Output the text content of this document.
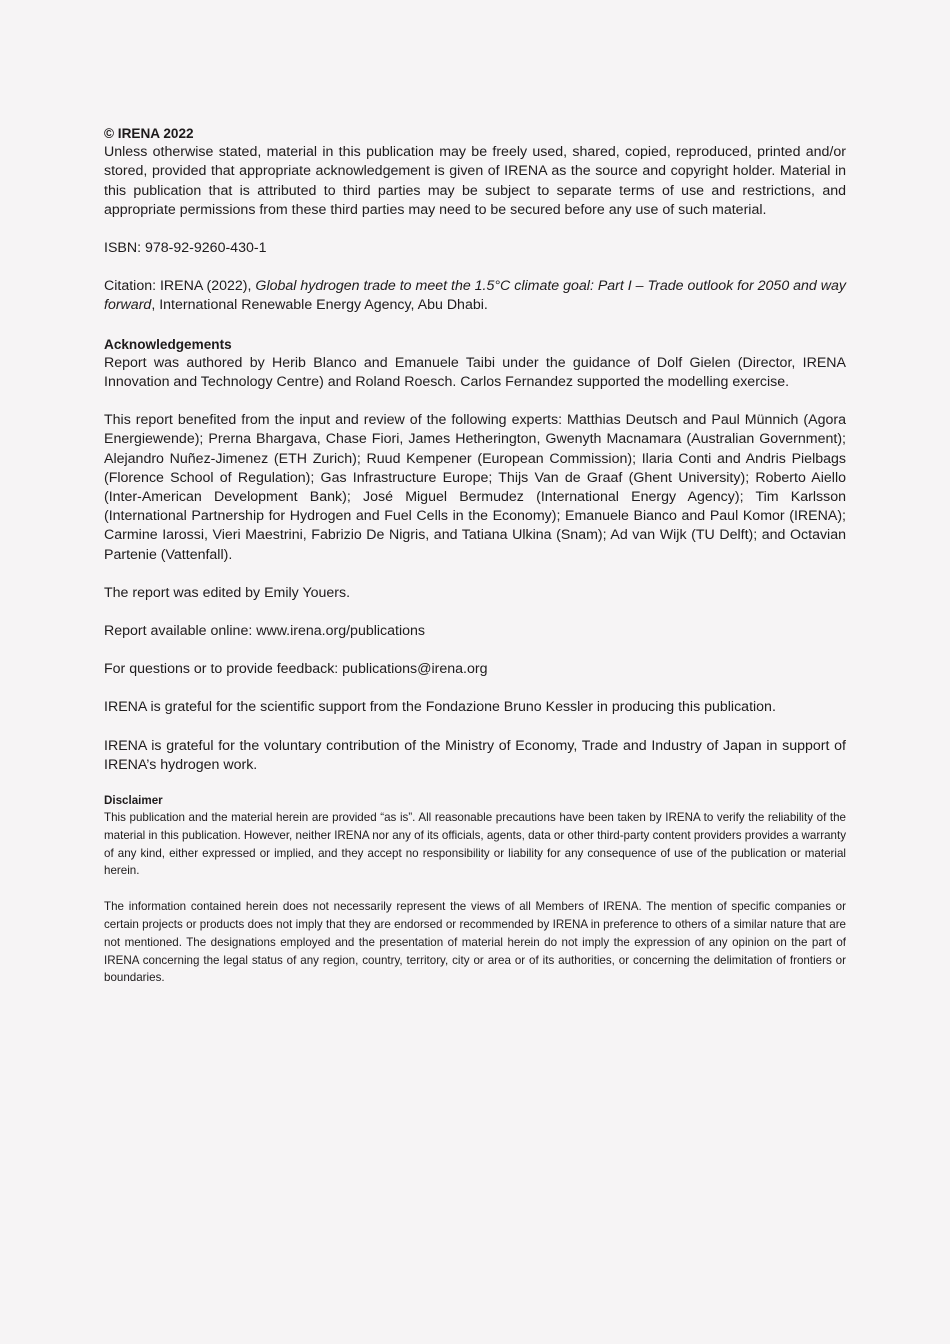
© IRENA 2022

Unless otherwise stated, material in this publication may be freely used, shared, copied, reproduced, printed and/or stored, provided that appropriate acknowledgement is given of IRENA as the source and copyright holder. Material in this publication that is attributed to third parties may be subject to separate terms of use and restrictions, and appropriate permissions from these third parties may need to be secured before any use of such material.

ISBN: 978-92-9260-430-1

Citation: IRENA (2022), Global hydrogen trade to meet the 1.5°C climate goal: Part I – Trade outlook for 2050 and way forward, International Renewable Energy Agency, Abu Dhabi.

Acknowledgements

Report was authored by Herib Blanco and Emanuele Taibi under the guidance of Dolf Gielen (Director, IRENA Innovation and Technology Centre) and Roland Roesch. Carlos Fernandez supported the modelling exercise.

This report benefited from the input and review of the following experts: Matthias Deutsch and Paul Münnich (Agora Energiewende); Prerna Bhargava, Chase Fiori, James Hetherington, Gwenyth Macnamara (Australian Government); Alejandro Nuñez-Jimenez (ETH Zurich); Ruud Kempener (European Commission); Ilaria Conti and Andris Pielbags (Florence School of Regulation); Gas Infrastructure Europe; Thijs Van de Graaf (Ghent University); Roberto Aiello (Inter-American Development Bank); José Miguel Bermudez (International Energy Agency); Tim Karlsson (International Partnership for Hydrogen and Fuel Cells in the Economy); Emanuele Bianco and Paul Komor (IRENA); Carmine Iarossi, Vieri Maestrini, Fabrizio De Nigris, and Tatiana Ulkina (Snam); Ad van Wijk (TU Delft); and Octavian Partenie (Vattenfall).

The report was edited by Emily Youers.

Report available online: www.irena.org/publications

For questions or to provide feedback: publications@irena.org

IRENA is grateful for the scientific support from the Fondazione Bruno Kessler in producing this publication.

IRENA is grateful for the voluntary contribution of the Ministry of Economy, Trade and Industry of Japan in support of IRENA’s hydrogen work.

Disclaimer

This publication and the material herein are provided “as is”. All reasonable precautions have been taken by IRENA to verify the reliability of the material in this publication. However, neither IRENA nor any of its officials, agents, data or other third-party content providers provides a warranty of any kind, either expressed or implied, and they accept no responsibility or liability for any consequence of use of the publication or material herein.

The information contained herein does not necessarily represent the views of all Members of IRENA. The mention of specific companies or certain projects or products does not imply that they are endorsed or recommended by IRENA in preference to others of a similar nature that are not mentioned. The designations employed and the presentation of material herein do not imply the expression of any opinion on the part of IRENA concerning the legal status of any region, country, territory, city or area or of its authorities, or concerning the delimitation of frontiers or boundaries.
